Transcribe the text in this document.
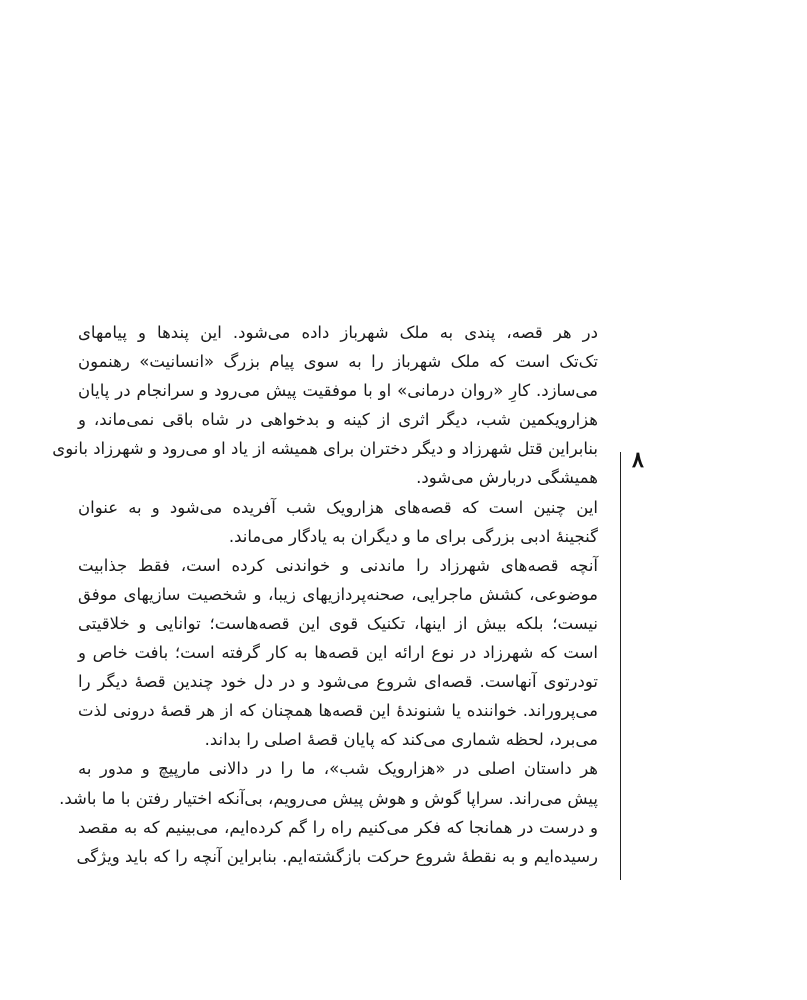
در هر قصه، پندی به ملک شهرباز داده می‌شود. این پندها و پیامهای
تک‌تک است که ملک شهرباز را به سوی پیام بزرگ «انسانیت» رهنمون
می‌سازد. کارِ «روان درمانی» او با موفقیت پیش می‌رود و سرانجام در پایان
هزارویکمین شب، دیگر اثری از کینه و بدخواهی در شاه باقی نمی‌ماند، و
بنابراین قتل شهرزاد و دیگر دختران برای همیشه از یاد او می‌رود و شهرزاد بانوی
همیشگی دربارش می‌شود.
این چنین است که قصه‌های هزارویک شب آفریده می‌شود و به عنوان
گنجینهٔ ادبی بزرگی برای ما و دیگران به یادگار می‌ماند.
آنچه قصه‌های شهرزاد را ماندنی و خواندنی کرده است، فقط جذابیت
موضوعی، کشش ماجرایی، صحنه‌پردازیهای زیبا، و شخصیت سازیهای موفق
نیست؛ بلکه بیش از اینها، تکنیک قوی این قصه‌هاست؛ توانایی و خلاقیتی
است که شهرزاد در نوع ارائه این قصه‌ها به کار گرفته است؛ بافت خاص و
تودرتوی آنهاست. قصه‌ای شروع می‌شود و در دل خود چندین قصهٔ دیگر را
می‌پروراند. خواننده یا شنوندهٔ این قصه‌ها همچنان که از هر قصهٔ درونی لذت
می‌برد، لحظه شماری می‌کند که پایان قصهٔ اصلی را بداند.
هر داستان اصلی در «هزارویک شب»، ما را در دالانی مارپیچ و مدور به
پیش می‌راند. سراپا گوش و هوش پیش می‌رویم، بی‌آنکه اختیار رفتن با ما باشد.
و درست در همانجا که فکر می‌کنیم راه را گم کرده‌ایم، می‌بینیم که به مقصد
رسیده‌ایم و به نقطهٔ شروع حرکت بازگشته‌ایم. بنابراین آنچه را که باید ویژگی
۸
